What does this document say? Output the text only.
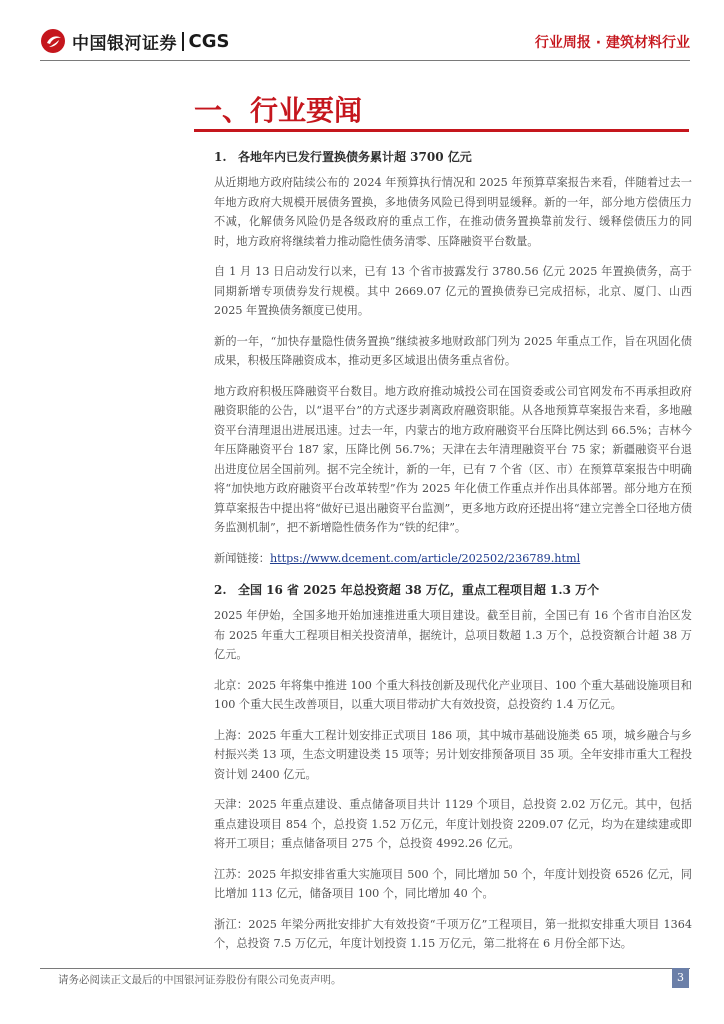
中国银河证券 CGS	行业周报 · 建筑材料行业
一、行业要闻

1. 各地年内已发行置换债务累计超 3700 亿元

从近期地方政府陆续公布的 2024 年预算执行情况和 2025 年预算草案报告来看，伴随着过去一年地方政府大规模开展债务置换，多地债务风险已得到明显缓释。新的一年，部分地方偿债压力不减，化解债务风险仍是各级政府的重点工作，在推动债务置换靠前发行、缓释偿债压力的同时，地方政府将继续着力推动隐性债务清零、压降融资平台数量。

自 1 月 13 日启动发行以来，已有 13 个省市披露发行 3780.56 亿元 2025 年置换债务，高于同期新增专项债券发行规模。其中 2669.07 亿元的置换债券已完成招标，北京、厦门、山西 2025 年置换债务额度已使用。

新的一年，“加快存量隐性债务置换”继续被多地财政部门列为 2025 年重点工作，旨在巩固化债成果，积极压降融资成本，推动更多区域退出债务重点省份。

地方政府积极压降融资平台数目。地方政府推动城投公司在国资委或公司官网发布不再承担政府融资职能的公告，以“退平台”的方式逐步剥离政府融资职能。从各地预算草案报告来看，多地融资平台清理退出进展迅速。过去一年，内蒙古的地方政府融资平台压降比例达到 66.5%；吉林今年压降融资平台 187 家，压降比例 56.7%；天津在去年清理融资平台 75 家；新疆融资平台退出进度位居全国前列。据不完全统计，新的一年，已有 7 个省（区、市）在预算草案报告中明确将“加快地方政府融资平台改革转型”作为 2025 年化债工作重点并作出具体部署。部分地方在预算草案报告中提出将“做好已退出融资平台监测”，更多地方政府还提出将“建立完善全口径地方债务监测机制”，把不新增隐性债务作为“铁的纪律”。

新闻链接：https://www.dcement.com/article/202502/236789.html

2. 全国 16 省 2025 年总投资超 38 万亿，重点工程项目超 1.3 万个

2025 年伊始，全国多地开始加速推进重大项目建设。截至目前，全国已有 16 个省市自治区发布 2025 年重大工程项目相关投资清单，据统计，总项目数超 1.3 万个，总投资额合计超 38 万亿元。

北京：2025 年将集中推进 100 个重大科技创新及现代化产业项目、100 个重大基础设施项目和 100 个重大民生改善项目，以重大项目带动扩大有效投资，总投资约 1.4 万亿元。

上海：2025 年重大工程计划安排正式项目 186 项，其中城市基础设施类 65 项，城乡融合与乡村振兴类 13 项，生态文明建设类 15 项等；另计划安排预备项目 35 项。全年安排市重大工程投资计划 2400 亿元。

天津：2025 年重点建设、重点储备项目共计 1129 个项目，总投资 2.02 万亿元。其中，包括重点建设项目 854 个，总投资 1.52 万亿元，年度计划投资 2209.07 亿元，均为在建续建或即将开工项目；重点储备项目 275 个，总投资 4992.26 亿元。

江苏：2025 年拟安排省重大实施项目 500 个，同比增加 50 个，年度计划投资 6526 亿元，同比增加 113 亿元，储备项目 100 个，同比增加 40 个。

浙江：2025 年梁分两批安排扩大有效投资“千项万亿”工程项目，第一批拟安排重大项目 1364 个，总投资 7.5 万亿元，年度计划投资 1.15 万亿元，第二批将在 6 月份全部下达。

请务必阅读正文最后的中国银河证券股份有限公司免责声明。	3
